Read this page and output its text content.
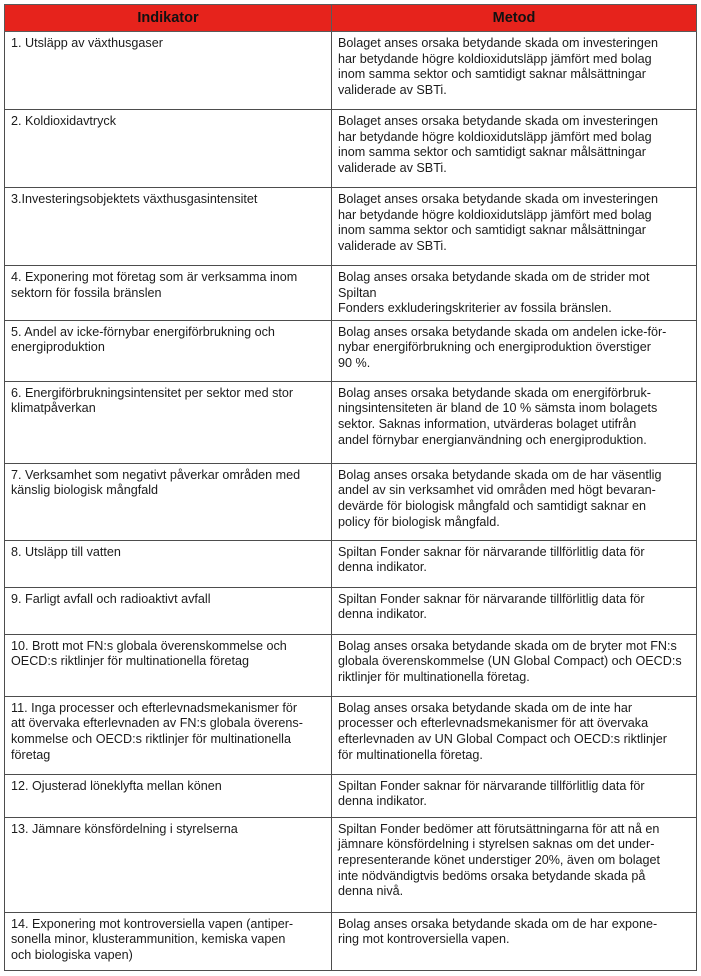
Indikator	Metod
1. Utsläpp av växthusgaser	Bolaget anses orsaka betydande skada om investeringen
har betydande högre koldioxidutsläpp jämfört med bolag
inom samma sektor och samtidigt saknar målsättningar
validerade av SBTi.
2. Koldioxidavtryck	Bolaget anses orsaka betydande skada om investeringen
har betydande högre koldioxidutsläpp jämfört med bolag
inom samma sektor och samtidigt saknar målsättningar
validerade av SBTi.
3.Investeringsobjektets växthusgasintensitet	Bolaget anses orsaka betydande skada om investeringen
har betydande högre koldioxidutsläpp jämfört med bolag
inom samma sektor och samtidigt saknar målsättningar
validerade av SBTi.
4. Exponering mot företag som är verksamma inom
sektorn för fossila bränslen	Bolag anses orsaka betydande skada om de strider mot Spiltan
Fonders exkluderingskriterier av fossila bränslen.
5. Andel av icke-förnybar energiförbrukning och
energiproduktion	Bolag anses orsaka betydande skada om andelen icke-för-
nybar energiförbrukning och energiproduktion överstiger
90 %.
6. Energiförbrukningsintensitet per sektor med stor
klimatpåverkan	Bolag anses orsaka betydande skada om energiförbruk-
ningsintensiteten är bland de 10 % sämsta inom bolagets
sektor. Saknas information, utvärderas bolaget utifrån
andel förnybar energianvändning och energiproduktion.
7. Verksamhet som negativt påverkar områden med
känslig biologisk mångfald	Bolag anses orsaka betydande skada om de har väsentlig
andel av sin verksamhet vid områden med högt bevaran-
devärde för biologisk mångfald och samtidigt saknar en
policy för biologisk mångfald.
8. Utsläpp till vatten	Spiltan Fonder saknar för närvarande tillförlitlig data för
denna indikator.
9. Farligt avfall och radioaktivt avfall	Spiltan Fonder saknar för närvarande tillförlitlig data för
denna indikator.
10. Brott mot FN:s globala överenskommelse och
OECD:s riktlinjer för multinationella företag	Bolag anses orsaka betydande skada om de bryter mot FN:s
globala överenskommelse (UN Global Compact) och OECD:s
riktlinjer för multinationella företag.
11. Inga processer och efterlevnadsmekanismer för
att övervaka efterlevnaden av FN:s globala överens-
kommelse och OECD:s riktlinjer för multinationella
företag	Bolag anses orsaka betydande skada om de inte har
processer och efterlevnadsmekanismer för att övervaka
efterlevnaden av UN Global Compact och OECD:s riktlinjer
för multinationella företag.
12. Ojusterad löneklyfta mellan könen	Spiltan Fonder saknar för närvarande tillförlitlig data för
denna indikator.
13. Jämnare könsfördelning i styrelserna	Spiltan Fonder bedömer att förutsättningarna för att nå en
jämnare könsfördelning i styrelsen saknas om det under-
representerande könet understiger 20%, även om bolaget
inte nödvändigtvis bedöms orsaka betydande skada på
denna nivå.
14. Exponering mot kontroversiella vapen (antiper-
sonella minor, klusterammunition, kemiska vapen
och biologiska vapen)	Bolag anses orsaka betydande skada om de har expone-
ring mot kontroversiella vapen.
